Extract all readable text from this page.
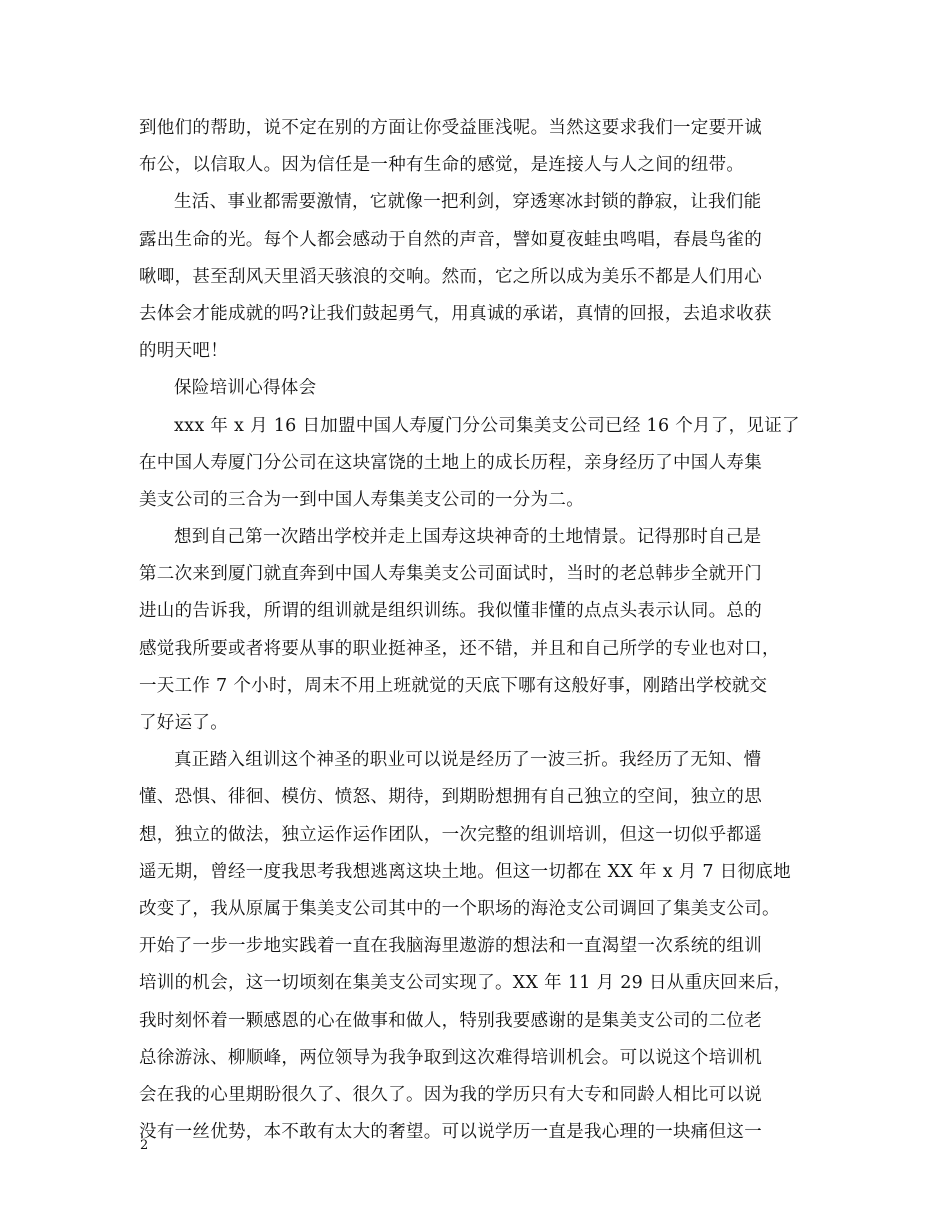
到他们的帮助，说不定在别的方面让你受益匪浅呢。当然这要求我们一定要开诚
布公，以信取人。因为信任是一种有生命的感觉，是连接人与人之间的纽带。
生活、事业都需要激情，它就像一把利剑，穿透寒冰封锁的静寂，让我们能
露出生命的光。每个人都会感动于自然的声音，譬如夏夜蛙虫鸣唱，春晨鸟雀的
啾唧，甚至刮风天里滔天骇浪的交响。然而，它之所以成为美乐不都是人们用心
去体会才能成就的吗?让我们鼓起勇气，用真诚的承诺，真情的回报，去追求收获
的明天吧！
保险培训心得体会
xxx 年 x 月 16 日加盟中国人寿厦门分公司集美支公司已经 16 个月了，见证了
在中国人寿厦门分公司在这块富饶的土地上的成长历程，亲身经历了中国人寿集
美支公司的三合为一到中国人寿集美支公司的一分为二。
想到自己第一次踏出学校并走上国寿这块神奇的土地情景。记得那时自己是
第二次来到厦门就直奔到中国人寿集美支公司面试时，当时的老总韩步全就开门
进山的告诉我，所谓的组训就是组织训练。我似懂非懂的点点头表示认同。总的
感觉我所要或者将要从事的职业挺神圣，还不错，并且和自己所学的专业也对口，
一天工作 7 个小时，周末不用上班就觉的天底下哪有这般好事，刚踏出学校就交
了好运了。
真正踏入组训这个神圣的职业可以说是经历了一波三折。我经历了无知、懵
懂、恐惧、徘徊、模仿、愤怒、期待，到期盼想拥有自己独立的空间，独立的思
想，独立的做法，独立运作运作团队，一次完整的组训培训，但这一切似乎都遥
遥无期，曾经一度我思考我想逃离这块土地。但这一切都在 XX 年 x 月 7 日彻底地
改变了，我从原属于集美支公司其中的一个职场的海沧支公司调回了集美支公司。
开始了一步一步地实践着一直在我脑海里遨游的想法和一直渴望一次系统的组训
培训的机会，这一切顷刻在集美支公司实现了。XX 年 11 月 29 日从重庆回来后，
我时刻怀着一颗感恩的心在做事和做人，特别我要感谢的是集美支公司的二位老
总徐游泳、柳顺峰，两位领导为我争取到这次难得培训机会。可以说这个培训机
会在我的心里期盼很久了、很久了。因为我的学历只有大专和同龄人相比可以说
没有一丝优势，本不敢有太大的奢望。可以说学历一直是我心理的一块痛但这一
2
